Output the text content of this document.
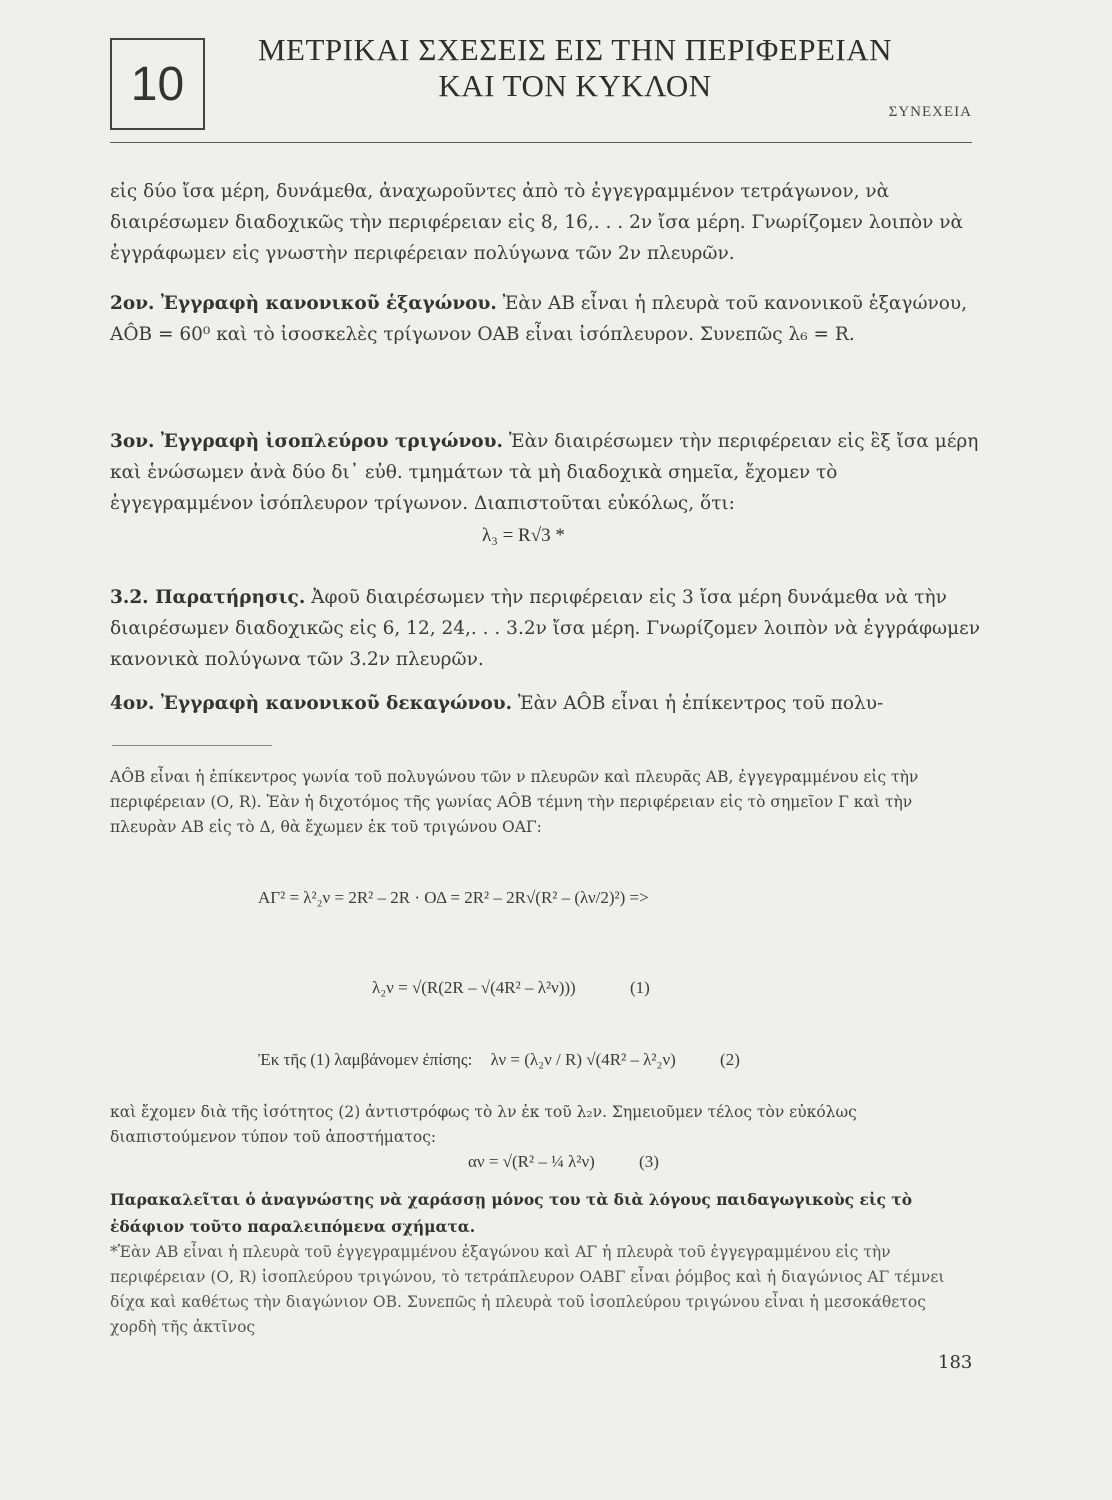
10
ΜΕΤΡΙΚΑΙ ΣΧΕΣΕΙΣ ΕΙΣ ΤΗΝ ΠΕΡΙΦΕΡΕΙΑΝ
ΚΑΙ ΤΟΝ ΚΥΚΛΟΝ
ΣΥΝΕΧΕΙΑ
εἰς δύο ἴσα μέρη, δυνάμεθα, ἀναχωροῦντες ἀπὸ τὸ ἐγγεγραμμένον τετράγωνον, νὰ διαιρέσωμεν διαδοχικῶς τὴν περιφέρειαν εἰς 8, 16,. . . 2ν ἴσα μέρη. Γνωρίζομεν λοιπὸν νὰ ἐγγράφωμεν εἰς γνωστὴν περιφέρειαν πολύγωνα τῶν 2ν πλευρῶν.
2ον. Ἐγγραφὴ κανονικοῦ ἑξαγώνου. Ἐὰν ΑΒ εἶναι ἡ πλευρὰ τοῦ κανονικοῦ ἑξαγώνου, ΑÔΒ = 60⁰ καὶ τὸ ἰσοσκελὲς τρίγωνον ΟΑΒ εἶναι ἰσόπλευρον. Συνεπῶς λ₆ = R.
3ον. Ἐγγραφὴ ἰσοπλεύρου τριγώνου. Ἐὰν διαιρέσωμεν τὴν περιφέρειαν εἰς ἓξ ἴσα μέρη καὶ ἑνώσωμεν ἀνὰ δύο δι᾽ εὐθ. τμημάτων τὰ μὴ διαδοχικὰ σημεῖα, ἔχομεν τὸ ἐγγεγραμμένον ἰσόπλευρον τρίγωνον. Διαπιστοῦται εὐκόλως, ὅτι:
λ₃ = R√3 *
3.2. Παρατήρησις. Ἀφοῦ διαιρέσωμεν τὴν περιφέρειαν εἰς 3 ἴσα μέρη δυνάμεθα νὰ τὴν διαιρέσωμεν διαδοχικῶς εἰς 6, 12, 24,. . . 3.2ν ἴσα μέρη. Γνωρίζομεν λοιπὸν νὰ ἐγγράφωμεν κανονικὰ πολύγωνα τῶν 3.2ν πλευρῶν.
4ον. Ἐγγραφὴ κανονικοῦ δεκαγώνου. Ἐὰν ΑÔΒ εἶναι ἡ ἐπίκεντρος τοῦ πολυ-
ΑÔΒ εἶναι ἡ ἐπίκεντρος γωνία τοῦ πολυγώνου τῶν ν πλευρῶν καὶ πλευρᾶς ΑΒ, ἐγγεγραμμένου εἰς τὴν περιφέρειαν (Ο, R). Ἐὰν ἡ διχοτόμος τῆς γωνίας ΑÔΒ τέμνη τὴν περιφέρειαν εἰς τὸ σημεῖον Γ καὶ τὴν πλευρὰν ΑΒ εἰς τὸ Δ, θὰ ἔχωμεν ἐκ τοῦ τριγώνου ΟΑΓ:
ΑΓ² = λ²₂ν = 2R² – 2R · ΟΔ = 2R² – 2R√(R² – (λν/2)²) =>
λ₂ν = √(R(2R – √(4R² – λ²ν)))	(1)
Ἐκ τῆς (1) λαμβάνομεν ἐπίσης: λν = (λ₂ν / R) √(4R² – λ²₂ν)	(2)
καὶ ἔχομεν διὰ τῆς ἰσότητος (2) ἀντιστρόφως τὸ λν ἐκ τοῦ λ₂ν. Σημειοῦμεν τέλος τὸν εὐκόλως διαπιστούμενον τύπον τοῦ ἀποστήματος:
αν = √(R² – ¼ λ²ν)	(3)
Παρακαλεῖται ὁ ἀναγνώστης νὰ χαράσσῃ μόνος του τὰ διὰ λόγους παιδαγωγικοὺς εἰς τὸ ἐδάφιον τοῦτο παραλειπόμενα σχήματα.
*Ἐὰν ΑΒ εἶναι ἡ πλευρὰ τοῦ ἐγγεγραμμένου ἑξαγώνου καὶ ΑΓ ἡ πλευρὰ τοῦ ἐγγεγραμμένου εἰς τὴν περιφέρειαν (Ο, R) ἰσοπλεύρου τριγώνου, τὸ τετράπλευρον ΟΑΒΓ εἶναι ῥόμβος καὶ ἡ διαγώνιος ΑΓ τέμνει δίχα καὶ καθέτως τὴν διαγώνιον ΟΒ. Συνεπῶς ἡ πλευρὰ τοῦ ἰσοπλεύρου τριγώνου εἶναι ἡ μεσοκάθετος χορδὴ τῆς ἀκτῖνος
183
